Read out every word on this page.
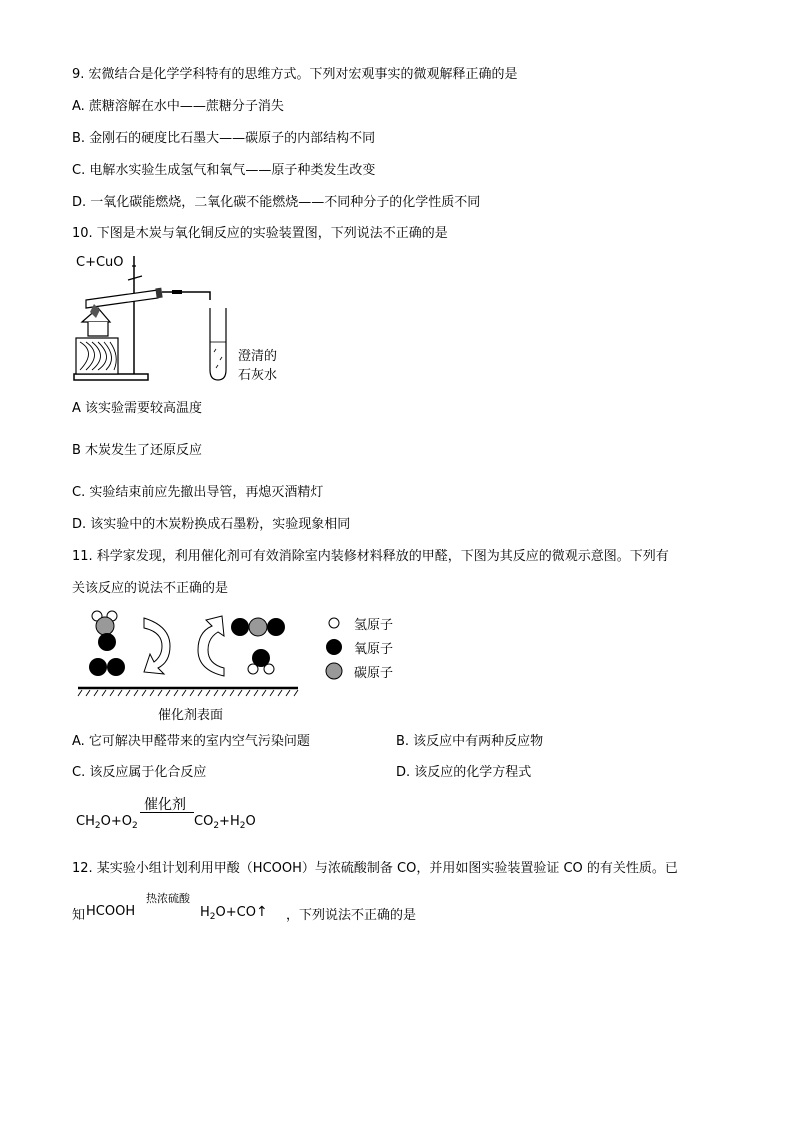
9. 宏微结合是化学学科特有的思维方式。下列对宏观事实的微观解释正确的是
A. 蔗糖溶解在水中——蔗糖分子消失
B. 金刚石的硬度比石墨大——碳原子的内部结构不同
C. 电解水实验生成氢气和氧气——原子种类发生改变
D. 一氧化碳能燃烧，二氧化碳不能燃烧——不同种分子的化学性质不同
10. 下图是木炭与氧化铜反应的实验装置图，下列说法不正确的是
C+CuO
澄清的
石灰水
A 该实验需要较高温度
B 木炭发生了还原反应
C. 实验结束前应先撤出导管，再熄灭酒精灯
D. 该实验中的木炭粉换成石墨粉，实验现象相同
11. 科学家发现，利用催化剂可有效消除室内装修材料释放的甲醛，下图为其反应的微观示意图。下列有
关该反应的说法不正确的是
氢原子
氧原子
碳原子
催化剂表面
A. 它可解决甲醛带来的室内空气污染问题	B. 该反应中有两种反应物
C. 该反应属于化合反应	D. 该反应的化学方程式
催化剂
$CH_2O+O_2$	$CO_2+H_2O$
12. 某实验小组计划利用甲酸（HCOOH）与浓硫酸制备 CO，并用如图实验装置验证 CO 的有关性质。已
知 HCOOH
热浓硫酸
$H_2O+CO↑$ ，下列说法不正确的是
